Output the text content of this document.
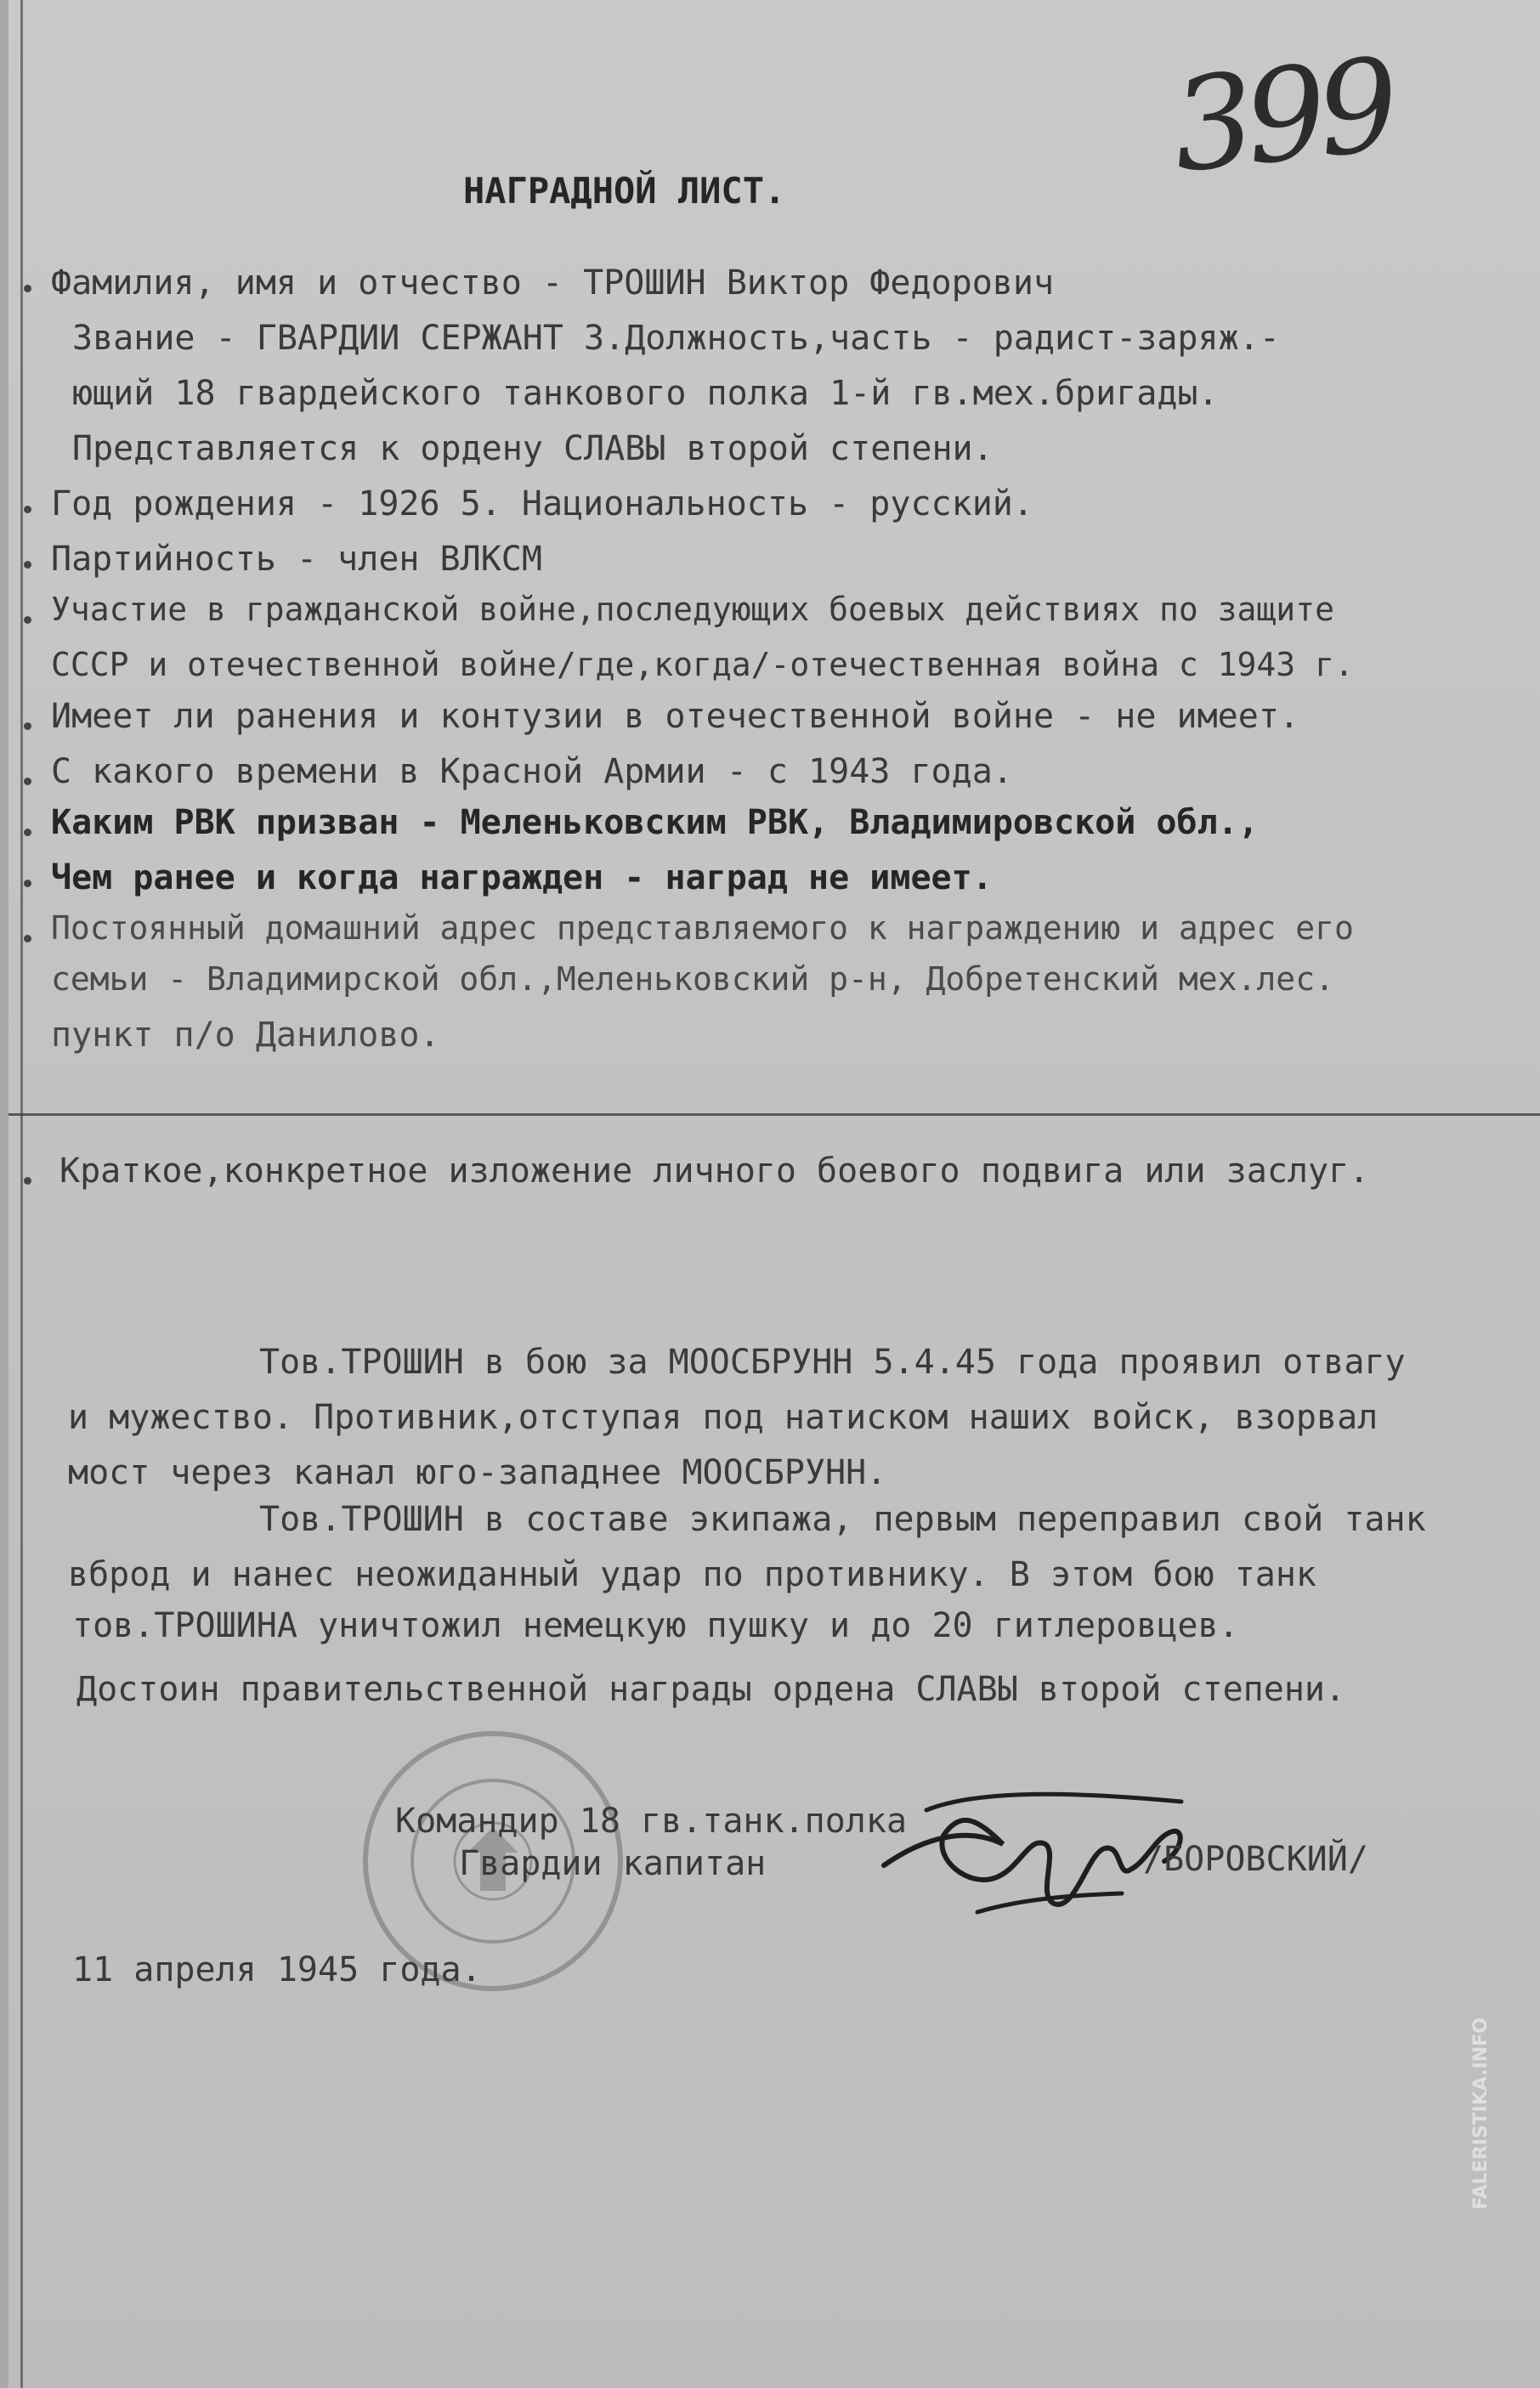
399
НАГРАДНОЙ ЛИСТ.
Фамилия, имя и отчество - ТРОШИН Виктор Федорович
Звание - ГВАРДИИ СЕРЖАНТ 3.Должность,часть - радист-заряж.-
ющий 18 гвардейского танкового полка 1-й гв.мех.бригады.
Представляется к ордену СЛАВЫ второй степени.
Год рождения - 1926 5. Национальность - русский.
Партийность - член ВЛКСМ
Участие в гражданской войне,последующих боевых действиях по защите
СССР и отечественной войне/где,когда/-отечественная война с 1943 г.
Имеет ли ранения и контузии в отечественной войне - не имеет.
С какого времени в Красной Армии - с 1943 года.
Каким РВК призван - Меленьковским РВК, Владимировской обл.,
Чем ранее и когда награжден - наград не имеет.
Постоянный домашний адрес представляемого к награждению и адрес его
семьи - Владимирской обл.,Меленьковский р-н, Добретенский мех.лес.
пункт п/о Данилово.
Краткое,конкретное изложение личного боевого подвига или заслуг.
Тов.ТРОШИН в бою за МООСБРУНН 5.4.45 года проявил отвагу
и мужество. Противник,отступая под натиском наших войск, взорвал
мост через канал юго-западнее МООСБРУНН.
Тов.ТРОШИН в составе экипажа, первым переправил свой танк
вброд и нанес неожиданный удар по противнику. В этом бою танк
тов.ТРОШИНА уничтожил немецкую пушку и до 20 гитлеровцев.
Достоин правительственной награды ордена СЛАВЫ второй степени.
Командир 18 гв.танк.полка
Гвардии капитан	/БОРОВСКИЙ/
11 апреля 1945 года.
FALERISTIKA.INFO
